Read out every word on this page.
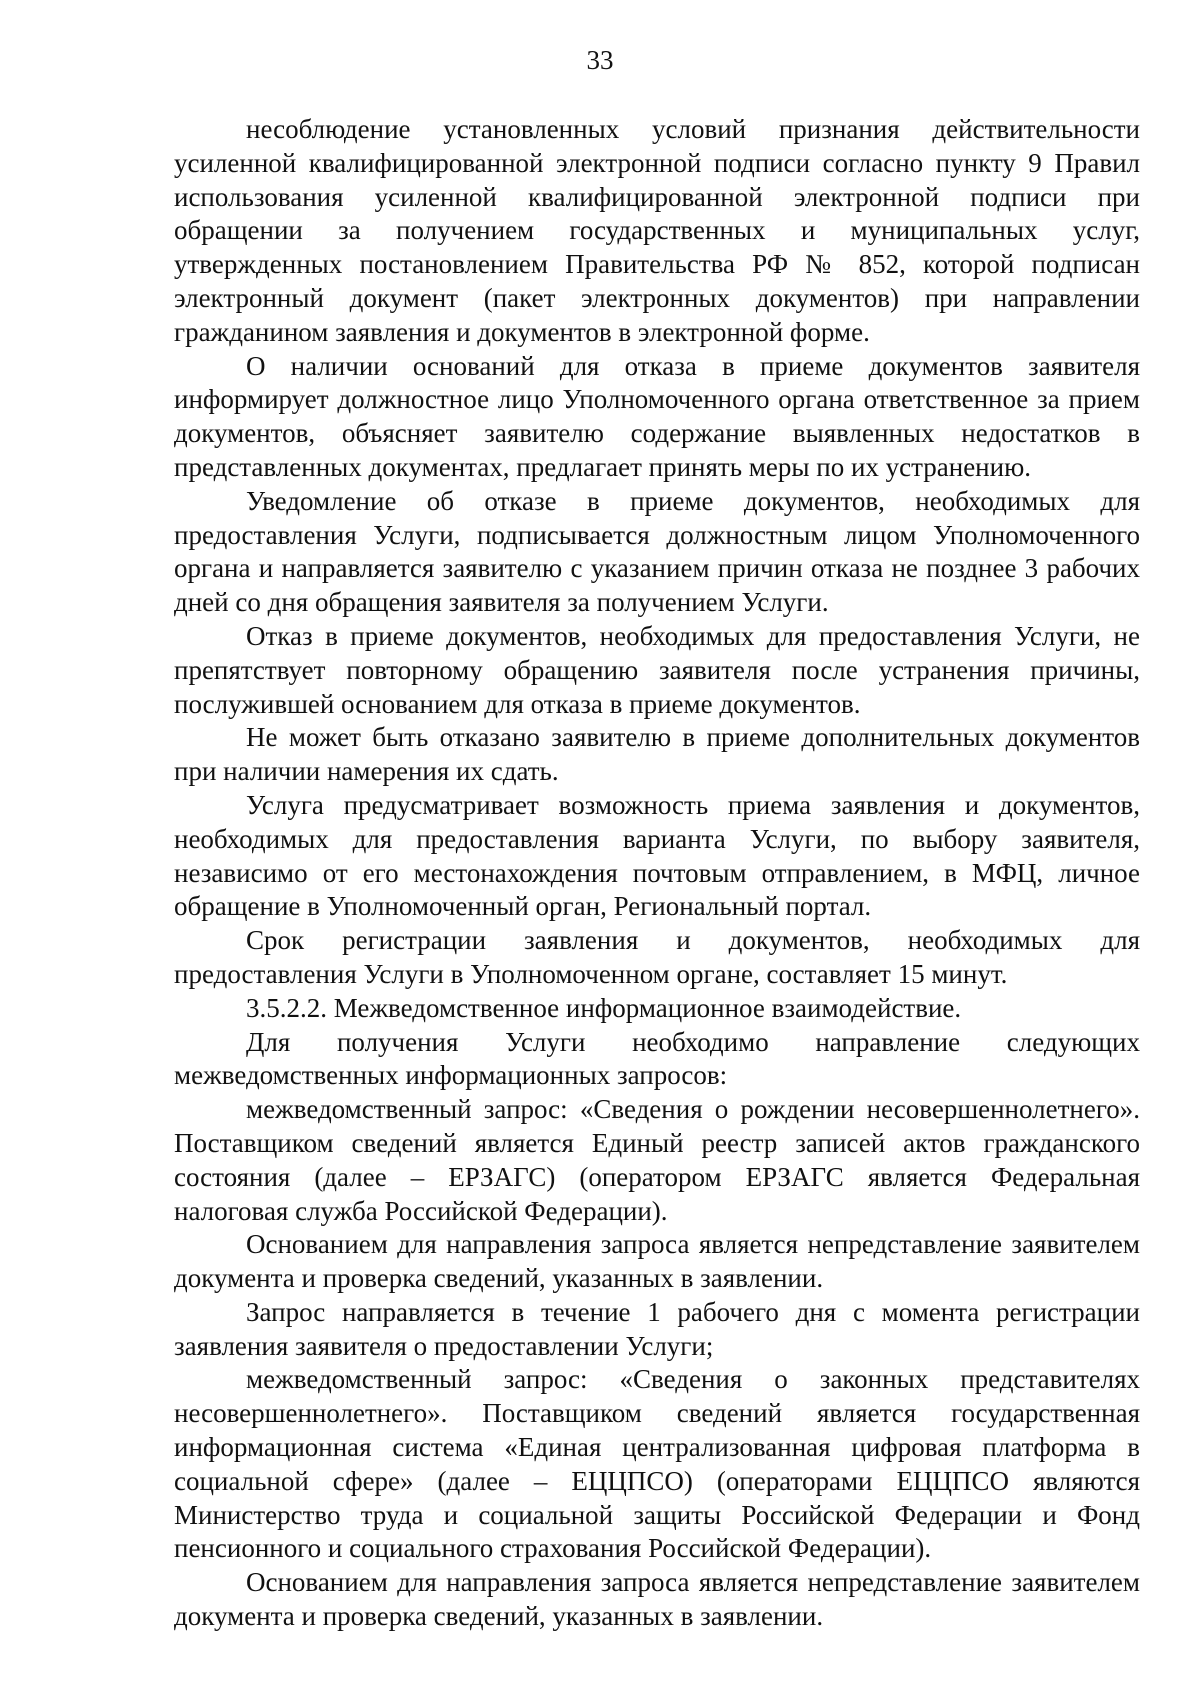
33

несоблюдение установленных условий признания действительности усиленной квалифицированной электронной подписи согласно пункту 9 Правил использования усиленной квалифицированной электронной подписи при обращении за получением государственных и муниципальных услуг, утвержденных постановлением Правительства РФ № 852, которой подписан электронный документ (пакет электронных документов) при направлении гражданином заявления и документов в электронной форме.

О наличии оснований для отказа в приеме документов заявителя информирует должностное лицо Уполномоченного органа ответственное за прием документов, объясняет заявителю содержание выявленных недостатков в представленных документах, предлагает принять меры по их устранению.

Уведомление об отказе в приеме документов, необходимых для предоставления Услуги, подписывается должностным лицом Уполномоченного органа и направляется заявителю с указанием причин отказа не позднее 3 рабочих дней со дня обращения заявителя за получением Услуги.

Отказ в приеме документов, необходимых для предоставления Услуги, не препятствует повторному обращению заявителя после устранения причины, послужившей основанием для отказа в приеме документов.

Не может быть отказано заявителю в приеме дополнительных документов при наличии намерения их сдать.

Услуга предусматривает возможность приема заявления и документов, необходимых для предоставления варианта Услуги, по выбору заявителя, независимо от его местонахождения почтовым отправлением, в МФЦ, личное обращение в Уполномоченный орган, Региональный портал.

Срок регистрации заявления и документов, необходимых для предоставления Услуги в Уполномоченном органе, составляет 15 минут.

3.5.2.2. Межведомственное информационное взаимодействие.

Для получения Услуги необходимо направление следующих межведомственных информационных запросов:

межведомственный запрос: «Сведения о рождении несовершеннолетнего». Поставщиком сведений является Единый реестр записей актов гражданского состояния (далее – ЕРЗАГС) (оператором ЕРЗАГС является Федеральная налоговая служба Российской Федерации).

Основанием для направления запроса является непредставление заявителем документа и проверка сведений, указанных в заявлении.

Запрос направляется в течение 1 рабочего дня с момента регистрации заявления заявителя о предоставлении Услуги;

межведомственный запрос: «Сведения о законных представителях несовершеннолетнего». Поставщиком сведений является государственная информационная система «Единая централизованная цифровая платформа в социальной сфере» (далее – ЕЦЦПСО) (операторами ЕЦЦПСО являются Министерство труда и социальной защиты Российской Федерации и Фонд пенсионного и социального страхования Российской Федерации).

Основанием для направления запроса является непредставление заявителем документа и проверка сведений, указанных в заявлении.
